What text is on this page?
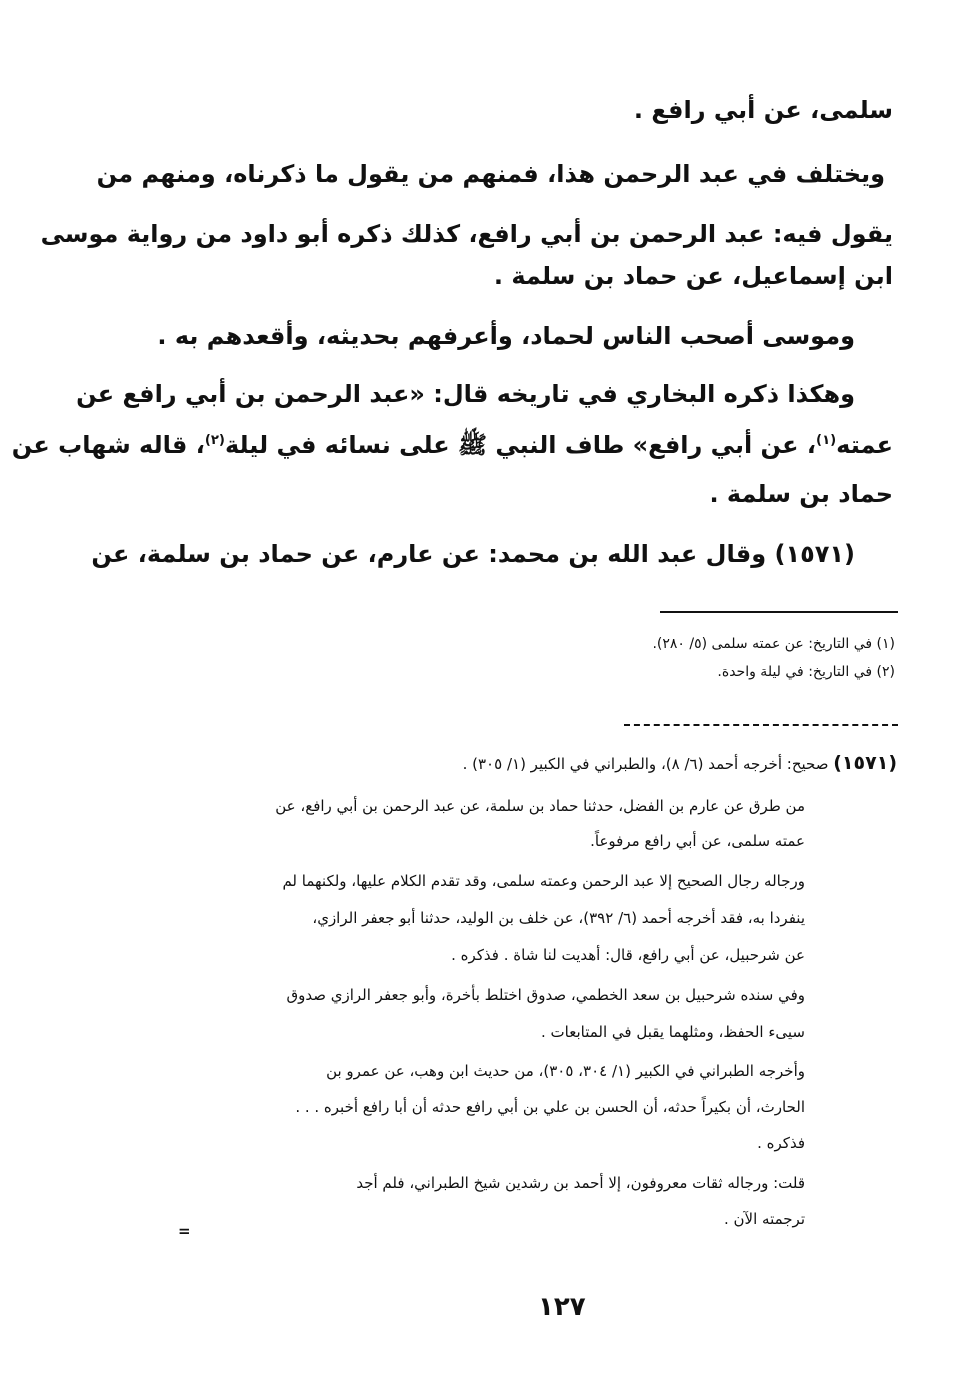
سلمى، عن أبي رافع .
ويختلف في عبد الرحمن هذا، فمنهم من يقول ما ذكرناه، ومنهم من
يقول فيه: عبد الرحمن بن أبي رافع، كذلك ذكره أبو داود من رواية موسى
ابن إسماعيل، عن حماد بن سلمة .
وموسى أصحب الناس لحماد، وأعرفهم بحديثه، وأقعدهم به .
وهكذا ذكره البخاري في تاريخه قال: «عبد الرحمن بن أبي رافع عن
عمته$^{(١)}$، عن أبي رافع» طاف النبي ﷺ على نسائه في ليلة$^{(٢)}$، قاله شهاب عن
حماد بن سلمة .
(١٥٧١) وقال عبد الله بن محمد: عن عارم، عن حماد بن سلمة، عن
(١) في التاريخ: عن عمته سلمى (٥/ ٢٨٠).
(٢) في التاريخ: في ليلة واحدة.
(١٥٧١) صحيح: أخرجه أحمد (٦/ ٨)، والطبراني في الكبير (١/ ٣٠٥) .
من طرق عن عارم بن الفضل، حدثنا حماد بن سلمة، عن عبد الرحمن بن أبي رافع، عن
عمته سلمى، عن أبي رافع مرفوعاً.
ورجاله رجال الصحيح إلا عبد الرحمن وعمته سلمى، وقد تقدم الكلام عليها، ولكنهما لم
ينفردا به، فقد أخرجه أحمد (٦/ ٣٩٢)، عن خلف بن الوليد، حدثنا أبو جعفر الرازي،
عن شرحبيل، عن أبي رافع، قال: أهديت لنا شاة . فذكره .
وفي سنده شرحبيل بن سعد الخطمي، صدوق اختلط بأخرة، وأبو جعفر الرازي صدوق
سيىء الحفظ، ومثلهما يقبل في المتابعات .
وأخرجه الطبراني في الكبير (١/ ٣٠٤، ٣٠٥)، من حديث ابن وهب، عن عمرو بن
الحارث، أن بكيراً حدثه، أن الحسن بن علي بن أبي رافع حدثه أن أبا رافع أخبره . . .
فذكره .
قلت: ورجاله ثقات معروفون، إلا أحمد بن رشدين شيخ الطبراني، فلم أجد
ترجمته الآن .
=
١٢٧
